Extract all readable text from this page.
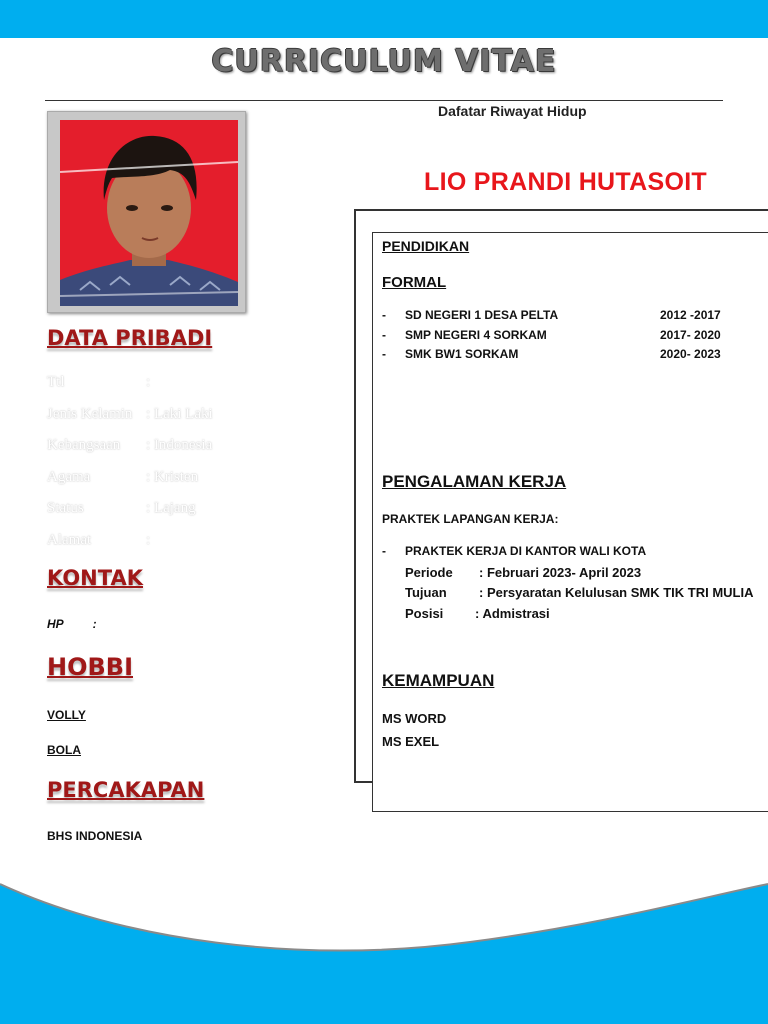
CURRICULUM VITAE
Dafatar Riwayat Hidup
LIO PRANDI HUTASOIT
DATA PRIBADI
Ttl	:
Jenis Kelamin : Laki Laki
Kebangsaan : Indonesia
Agama	: Kristen
Status	: Lajang
Alamat	:
KONTAK
HP :
HOBBI
VOLLY
BOLA
PERCAKAPAN
BHS INDONESIA
PENDIDIKAN
FORMAL
- SD NEGERI 1 DESA PELTA	2012 -2017
- SMP NEGERI 4 SORKAM	2017- 2020
- SMK BW1 SORKAM	2020- 2023
PENGALAMAN KERJA
PRAKTEK LAPANGAN KERJA:
- PRAKTEK KERJA DI KANTOR WALI KOTA
Periode : Februari 2023- April 2023
Tujuan : Persyaratan Kelulusan SMK TIK TRI MULIA
Posisi : Admistrasi
KEMAMPUAN
MS WORD
MS EXEL
